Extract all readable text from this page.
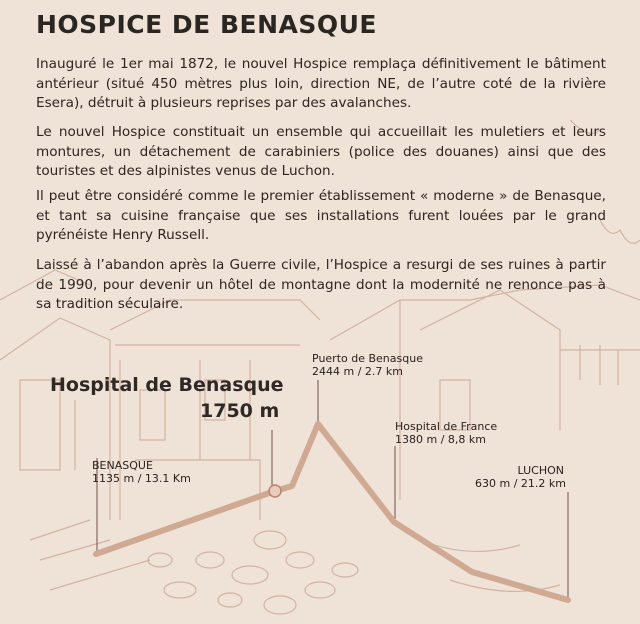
HOSPICE DE BENASQUE

Inauguré le 1er mai 1872, le nouvel Hospice remplaça définitivement le bâtiment antérieur (situé 450 mètres plus loin, direction NE, de l’autre coté de la rivière Esera), détruit à plusieurs reprises par des avalanches.

Le nouvel Hospice constituait un ensemble qui accueillait les muletiers et leurs montures, un détachement de carabiniers (police des douanes) ainsi que des touristes et des alpinistes venus de Luchon.

Il peut être considéré comme le premier établissement « moderne » de Benasque, et tant sa cuisine française que ses installations furent louées par le grand pyrénéiste Henry Russell.

Laissé à l’abandon après la Guerre civile, l’Hospice a resurgi de ses ruines à partir de 1990, pour devenir un hôtel de montagne dont la modernité ne renonce pas à sa tradition séculaire.

Hospital de Benasque
1750 m
Puerto de Benasque
2444 m / 2.7 km
Hospital de France
1380 m / 8,8 km
BENASQUE
1135 m / 13.1 Km
LUCHON
630 m / 21.2 km
